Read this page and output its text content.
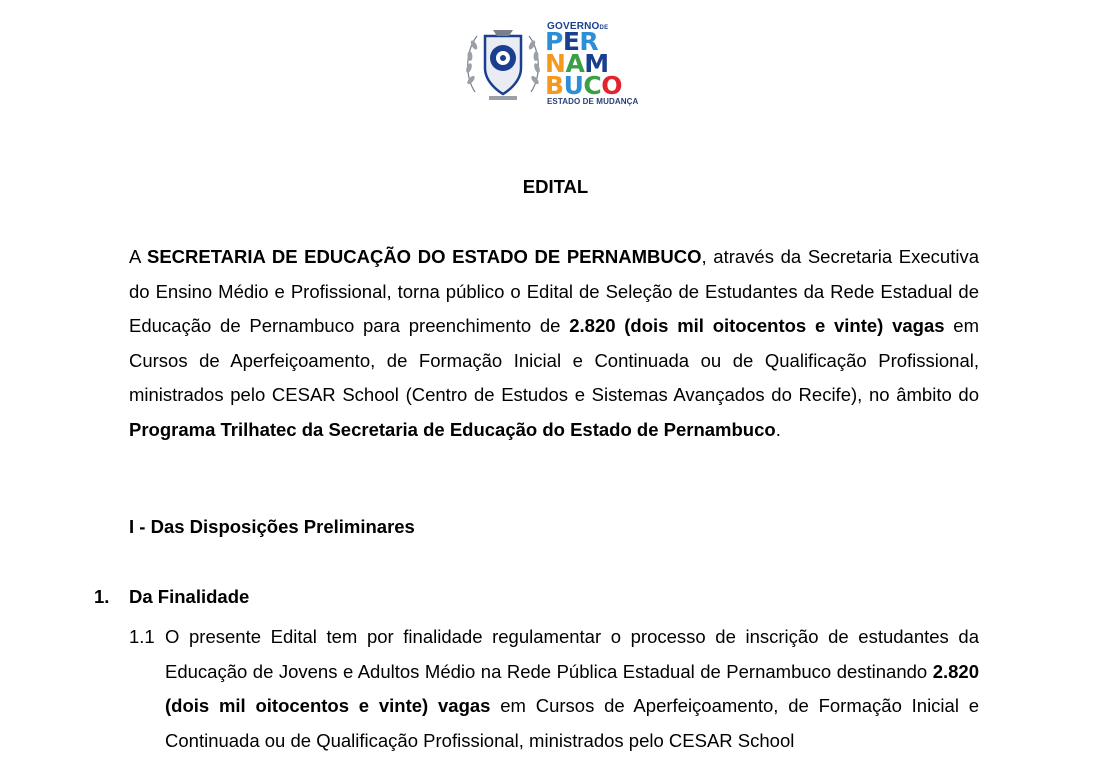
GOVERNODE
PER
NAM
BUCO
ESTADO DE MUDANÇA
EDITAL
A SECRETARIA DE EDUCAÇÃO DO ESTADO DE PERNAMBUCO, através da Secretaria Executiva do Ensino Médio e Profissional, torna público o Edital de Seleção de Estudantes da Rede Estadual de Educação de Pernambuco para preenchimento de 2.820 (dois mil oitocentos e vinte) vagas em Cursos de Aperfeiçoamento, de Formação Inicial e Continuada ou de Qualificação Profissional, ministrados pelo CESAR School (Centro de Estudos e Sistemas Avançados do Recife), no âmbito do Programa Trilhatec da Secretaria de Educação do Estado de Pernambuco.
I - Das Disposições Preliminares
1. Da Finalidade
1.1 O presente Edital tem por finalidade regulamentar o processo de inscrição de estudantes da Educação de Jovens e Adultos Médio na Rede Pública Estadual de Pernambuco destinando 2.820 (dois mil oitocentos e vinte) vagas em Cursos de Aperfeiçoamento, de Formação Inicial e Continuada ou de Qualificação Profissional, ministrados pelo CESAR School
